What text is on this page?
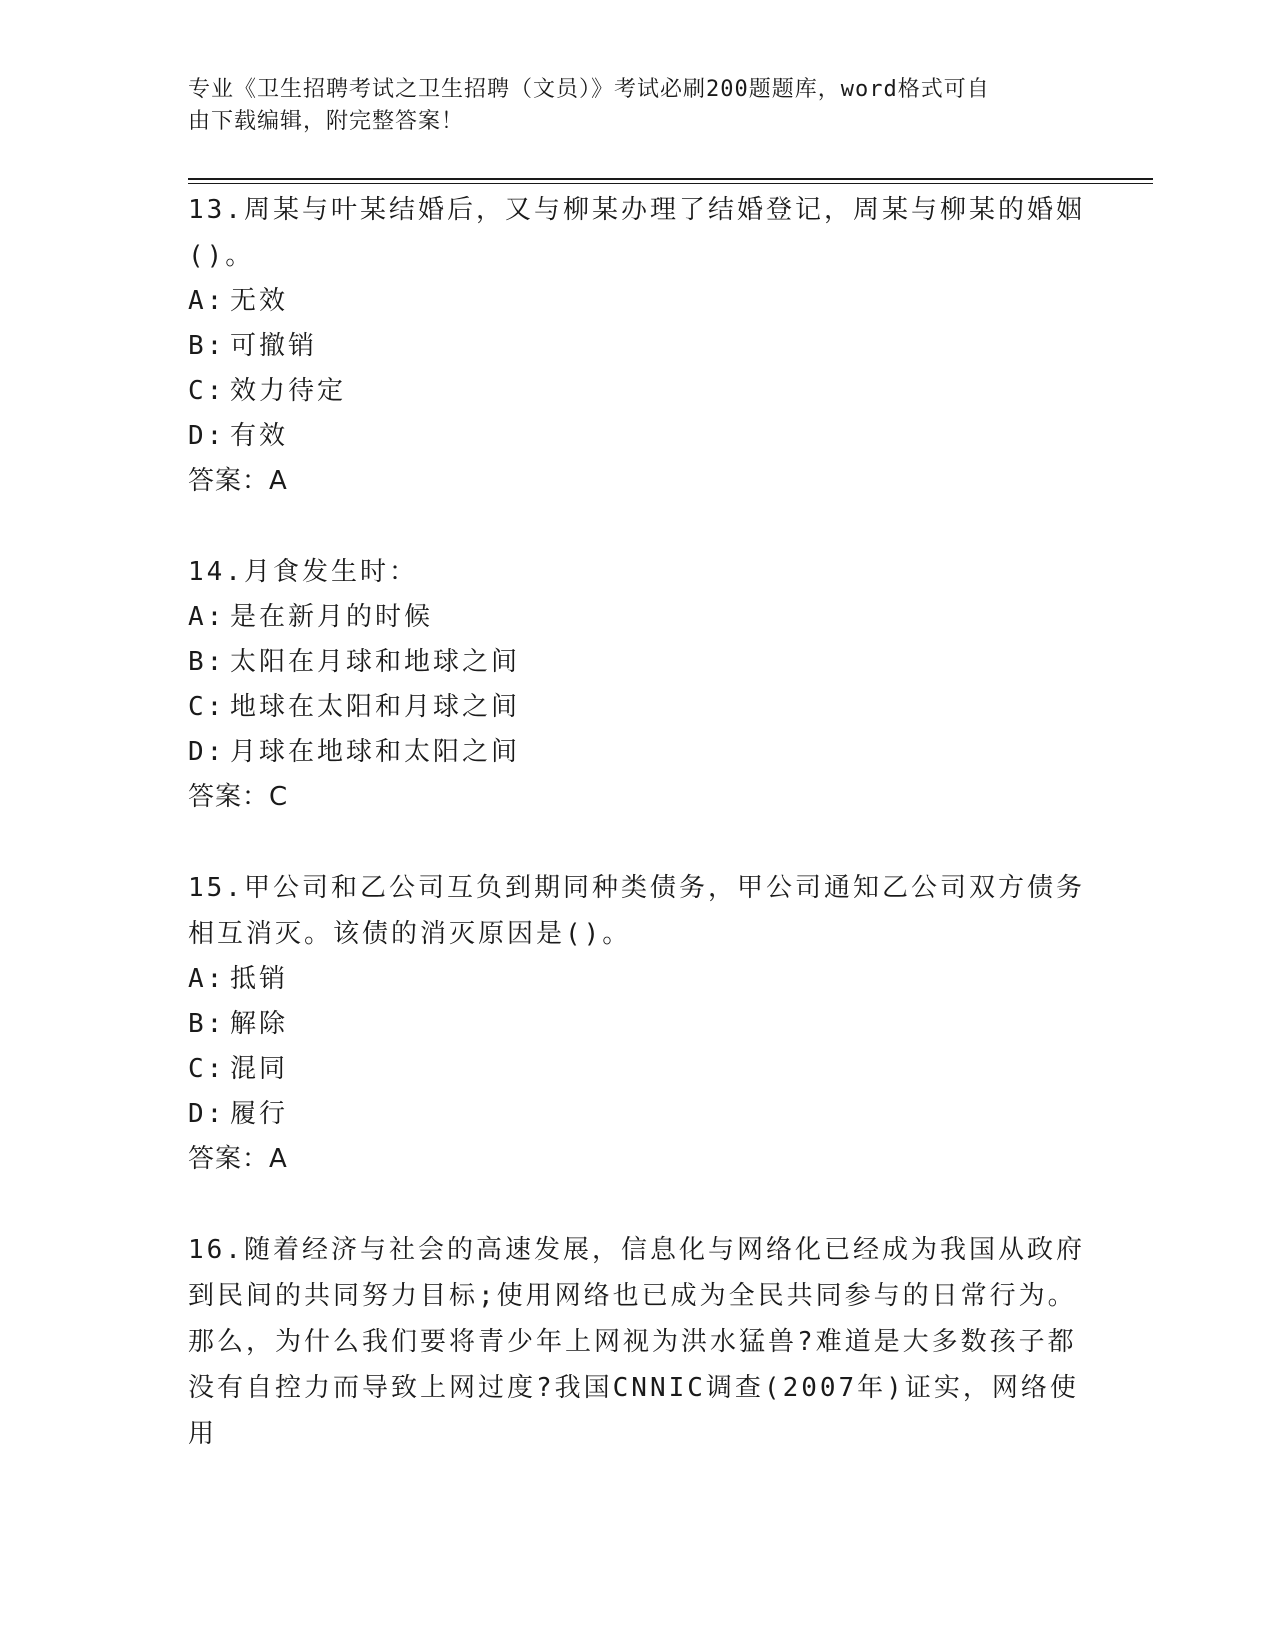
专业《卫生招聘考试之卫生招聘（文员）》考试必刷200题题库，word格式可自
由下载编辑，附完整答案！
13.周某与叶某结婚后，又与柳某办理了结婚登记，周某与柳某的婚姻
()。
A: 无效
B: 可撤销
C: 效力待定
D: 有效
答案：A
14.月食发生时：
A: 是在新月的时候
B: 太阳在月球和地球之间
C: 地球在太阳和月球之间
D: 月球在地球和太阳之间
答案：C
15.甲公司和乙公司互负到期同种类债务，甲公司通知乙公司双方债务
相互消灭。该债的消灭原因是()。
A: 抵销
B: 解除
C: 混同
D: 履行
答案：A
16.随着经济与社会的高速发展，信息化与网络化已经成为我国从政府
到民间的共同努力目标;使用网络也已成为全民共同参与的日常行为。
那么，为什么我们要将青少年上网视为洪水猛兽?难道是大多数孩子都
没有自控力而导致上网过度?我国CNNIC调查(2007年)证实，网络使用
